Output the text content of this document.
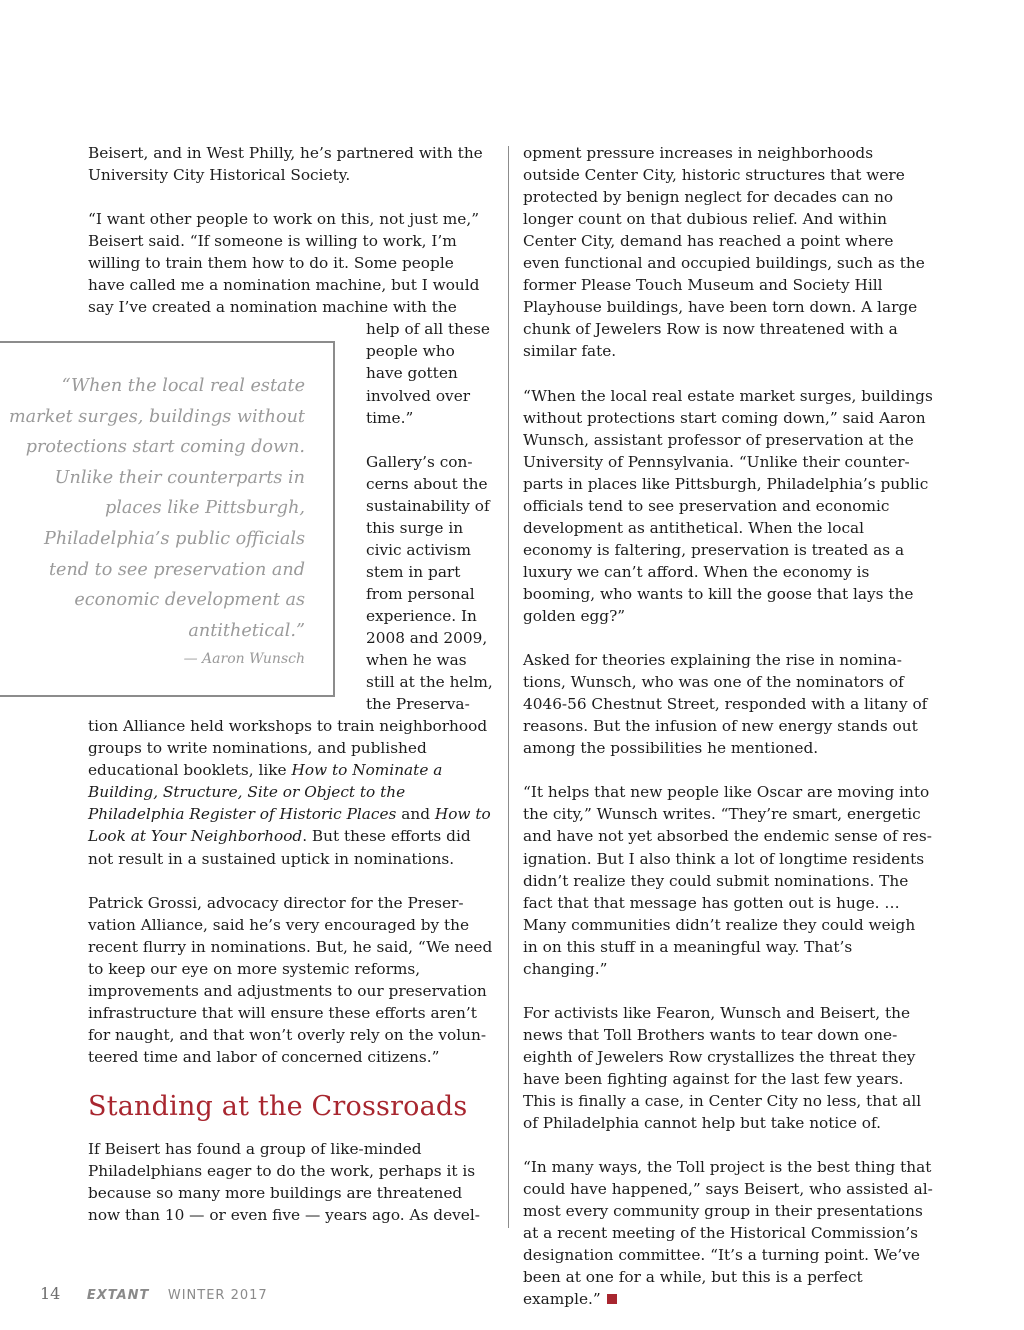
Beisert, and in West Philly, he’s partnered with the University City Historical Society.

“I want other people to work on this, not just me,” Beisert said. “If someone is willing to work, I’m willing to train them how to do it. Some people have called me a nomination machine, but I would say I’ve created a nomination machine with the help of all these people who have gotten involved over time.”

Gallery’s concerns about the sustainability of this surge in civic activism stem in part from personal experience. In 2008 and 2009, when he was still at the helm, the Preservation Alliance held workshops to train neighborhood groups to write nominations, and published educational booklets, like How to Nominate a Building, Structure, Site or Object to the Philadelphia Register of Historic Places and How to Look at Your Neighborhood. But these efforts did not result in a sustained uptick in nominations.

Patrick Grossi, advocacy director for the Preservation Alliance, said he’s very encouraged by the recent flurry in nominations. But, he said, “We need to keep our eye on more systemic reforms, improvements and adjustments to our preservation infrastructure that will ensure these efforts aren’t for naught, and that won’t overly rely on the volunteered time and labor of concerned citizens.”

Standing at the Crossroads

If Beisert has found a group of like-minded Philadelphians eager to do the work, perhaps it is because so many more buildings are threatened now than 10 — or even five — years ago. As devel-

“When the local real estate market surges, buildings without protections start coming down. Unlike their counterparts in places like Pittsburgh, Philadelphia’s public officials tend to see preservation and economic development as antithetical.”
— Aaron Wunsch

opment pressure increases in neighborhoods outside Center City, historic structures that were protected by benign neglect for decades can no longer count on that dubious relief. And within Center City, demand has reached a point where even functional and occupied buildings, such as the former Please Touch Museum and Society Hill Playhouse buildings, have been torn down. A large chunk of Jewelers Row is now threatened with a similar fate.

“When the local real estate market surges, buildings without protections start coming down,” said Aaron Wunsch, assistant professor of preservation at the University of Pennsylvania. “Unlike their counterparts in places like Pittsburgh, Philadelphia’s public officials tend to see preservation and economic development as antithetical. When the local economy is faltering, preservation is treated as a luxury we can’t afford. When the economy is booming, who wants to kill the goose that lays the golden egg?”

Asked for theories explaining the rise in nominations, Wunsch, who was one of the nominators of 4046-56 Chestnut Street, responded with a litany of reasons. But the infusion of new energy stands out among the possibilities he mentioned.

“It helps that new people like Oscar are moving into the city,” Wunsch writes. “They’re smart, energetic and have not yet absorbed the endemic sense of resignation. But I also think a lot of longtime residents didn’t realize they could submit nominations. The fact that that message has gotten out is huge. … Many communities didn’t realize they could weigh in on this stuff in a meaningful way. That’s changing.”

For activists like Fearon, Wunsch and Beisert, the news that Toll Brothers wants to tear down one-eighth of Jewelers Row crystallizes the threat they have been fighting against for the last few years. This is finally a case, in Center City no less, that all of Philadelphia cannot help but take notice of.

“In many ways, the Toll project is the best thing that could have happened,” says Beisert, who assisted almost every community group in their presentations at a recent meeting of the Historical Commission’s designation committee. “It’s a turning point. We’ve been at one for a while, but this is a perfect example.”

14 EXTANT WINTER 2017
